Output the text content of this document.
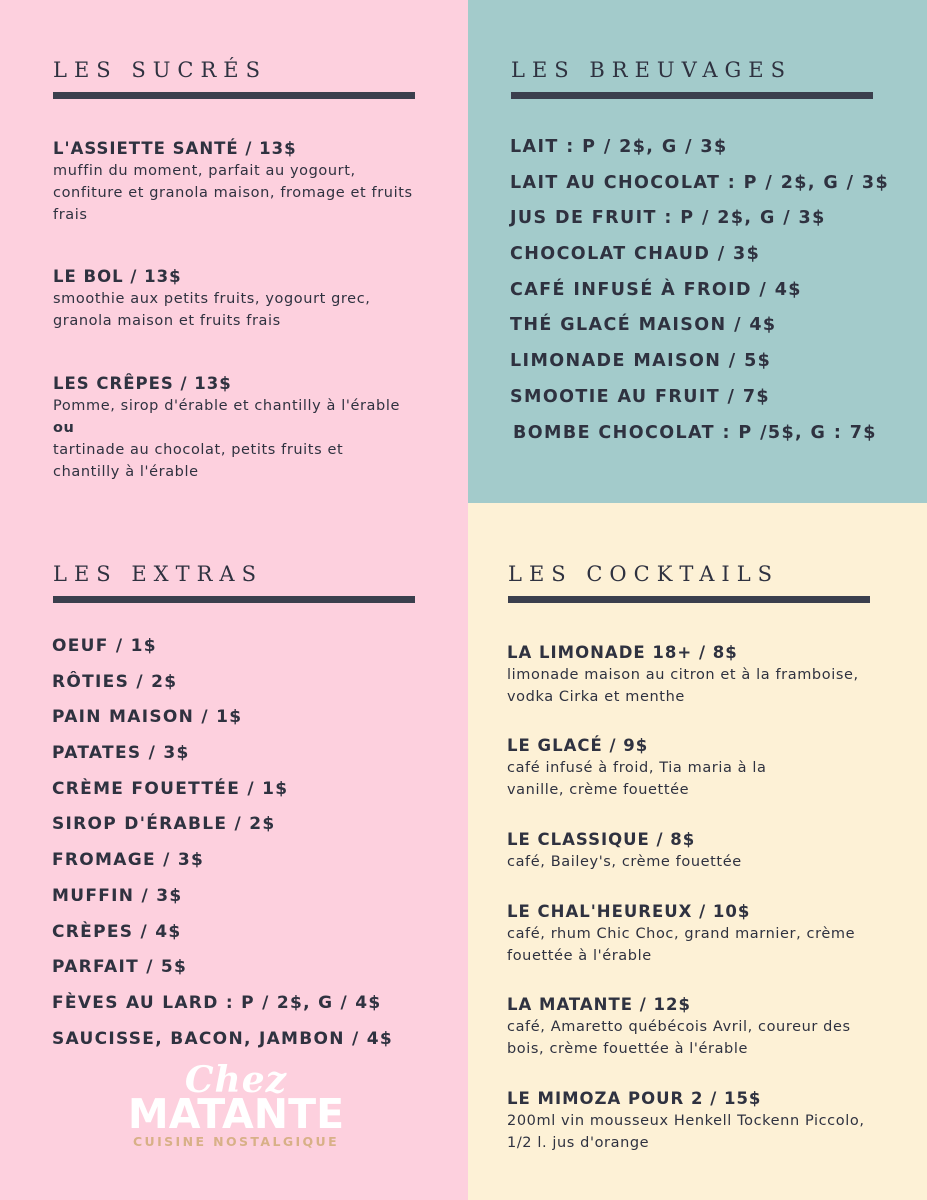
LES SUCRÉS
L'ASSIETTE SANTÉ / 13$
muffin du moment, parfait au yogourt, confiture et granola maison, fromage et fruits frais
LE BOL / 13$
smoothie aux petits fruits, yogourt grec, granola maison et fruits frais
LES CRÊPES / 13$
Pomme, sirop d'érable et chantilly à l'érable
ou
tartinade au chocolat, petits fruits et chantilly à l'érable
LES BREUVAGES
LAIT : P / 2$, G / 3$
LAIT AU CHOCOLAT : P / 2$, G / 3$
JUS DE FRUIT : P / 2$, G / 3$
CHOCOLAT CHAUD / 3$
CAFÉ INFUSÉ À FROID / 4$
THÉ GLACÉ MAISON / 4$
LIMONADE MAISON / 5$
SMOOTIE AU FRUIT / 7$
BOMBE CHOCOLAT : P /5$, G : 7$
LES EXTRAS
OEUF / 1$
RÔTIES / 2$
PAIN MAISON / 1$
PATATES / 3$
CRÈME FOUETTÉE / 1$
SIROP D'ÉRABLE / 2$
FROMAGE / 3$
MUFFIN / 3$
CRÈPES / 4$
PARFAIT / 5$
FÈVES AU LARD : P / 2$, G / 4$
SAUCISSE, BACON, JAMBON / 4$
LES COCKTAILS
LA LIMONADE 18+ / 8$
limonade maison au citron et à la framboise, vodka Cirka et menthe
LE GLACÉ / 9$
café infusé à froid, Tia maria à la vanille, crème fouettée
LE CLASSIQUE / 8$
café, Bailey's, crème fouettée
LE CHAL'HEUREUX / 10$
café, rhum Chic Choc, grand marnier, crème fouettée à l'érable
LA MATANTE / 12$
café, Amaretto québécois Avril, coureur des bois, crème fouettée à l'érable
LE MIMOZA POUR 2 / 15$
200ml vin mousseux Henkell Tockenn Piccolo, 1/2 l. jus d'orange
Chez
MATANTE
CUISINE NOSTALGIQUE
